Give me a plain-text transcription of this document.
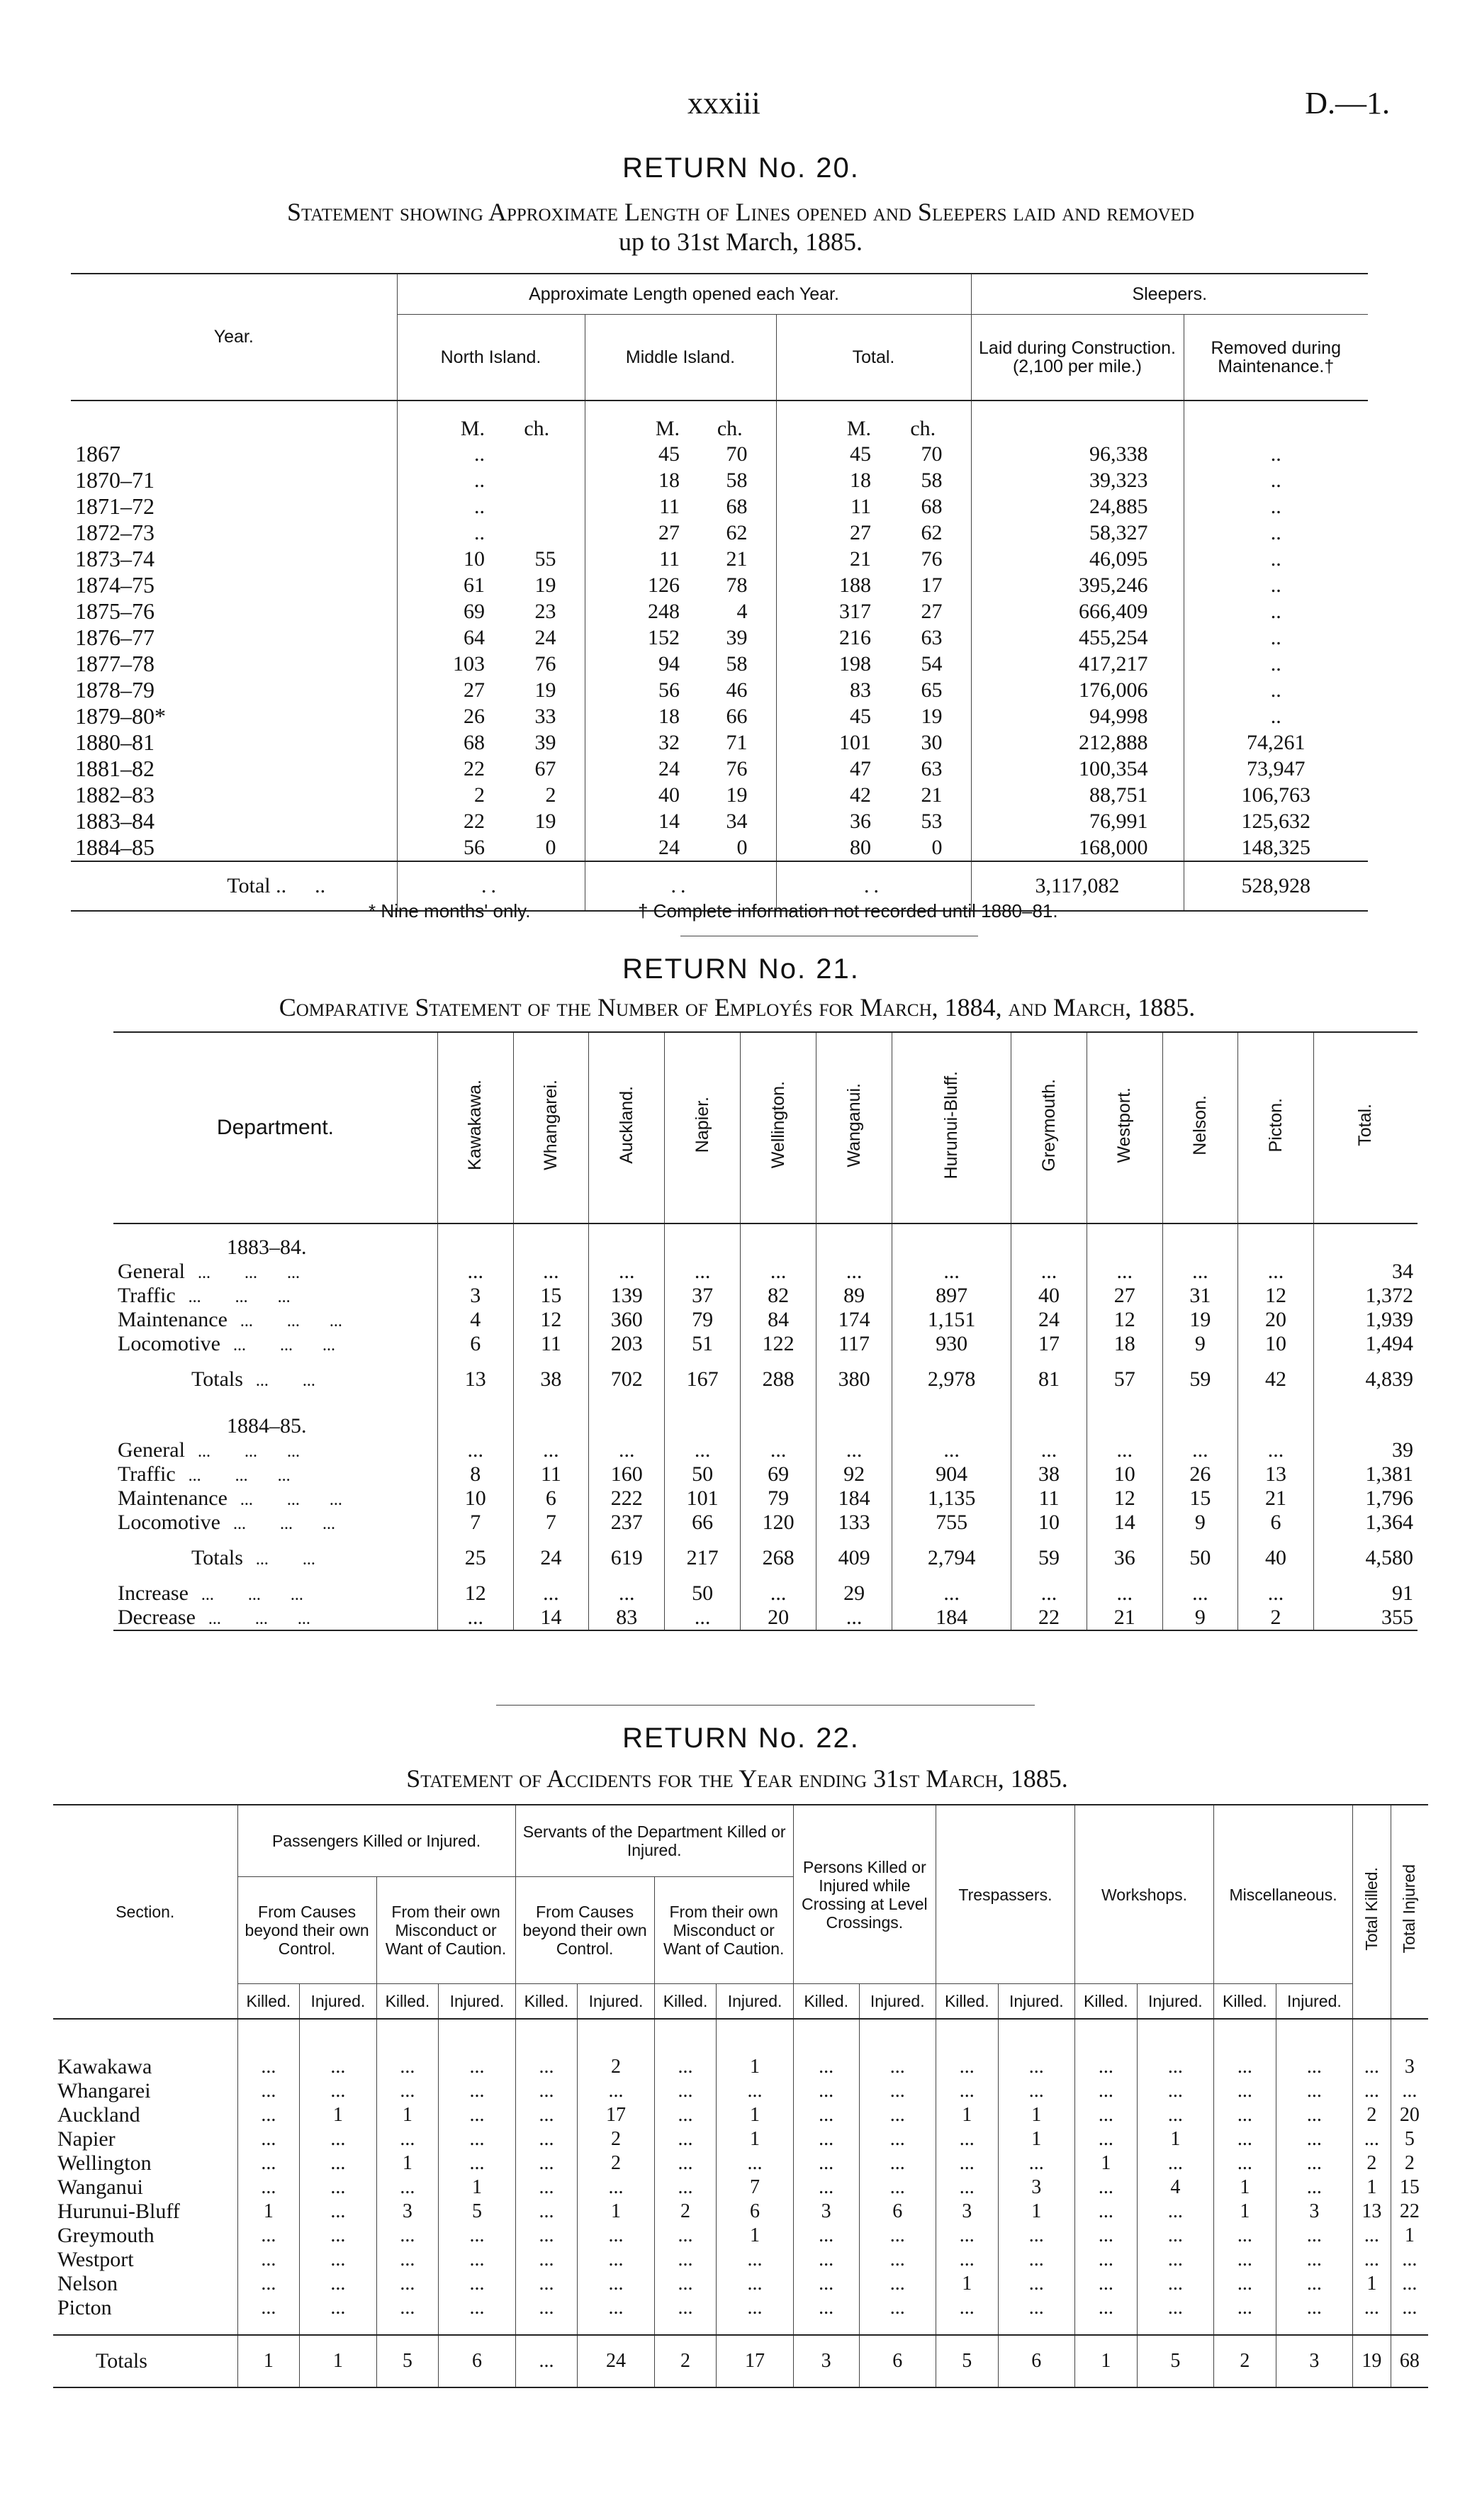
xxxiii	D.—1.
RETURN No. 20.
Statement showing Approximate Length of Lines opened and Sleepers laid and removed
up to 31st March, 1885.
Year.	Approximate Length opened each Year.						Sleepers.	
	North Island.		Middle Island.		Total.		Laid during Construction. (2,100 per mile.)	Removed during Maintenance.†
	M.	ch.	M.	ch.	M.	ch.		
1867	..		45	70	45	70	96,338	..
1870–71	..		18	58	18	58	39,323	..
1871–72	..		11	68	11	68	24,885	..
1872–73	..		27	62	27	62	58,327	..
1873–74	10	55	11	21	21	76	46,095	..
1874–75	61	19	126	78	188	17	395,246	..
1875–76	69	23	248	4	317	27	666,409	..
1876–77	64	24	152	39	216	63	455,254	..
1877–78	103	76	94	58	198	54	417,217	..
1878–79	27	19	56	46	83	65	176,006	..
1879–80*	26	33	18	66	45	19	94,998	..
1880–81	68	39	32	71	101	30	212,888	74,261
1881–82	22	67	24	76	47	63	100,354	73,947
1882–83	2	2	40	19	42	21	88,751	106,763
1883–84	22	19	14	34	36	53	76,991	125,632
1884–85	56	0	24	0	80	0	168,000	148,325
Total .. ..	..		..		..		3,117,082	528,928
* Nine months' only.	† Complete information not recorded until 1880–81.
RETURN No. 21.
Comparative Statement of the Number of Employés for March, 1884, and March, 1885.
Department.	Kawakawa.	Whangarei.	Auckland.	Napier.	Wellington.	Wanganui.	Hurunui-Bluff.	Greymouth.	Westport.	Nelson.	Picton.	Total.
1883–84.												
General   ...        ...       ...	...	...	...	...	...	...	...	...	...	...	...	34
Traffic   ...        ...       ...	3	15	139	37	82	89	897	40	27	31	12	1,372
Maintenance   ...        ...       ...	4	12	360	79	84	174	1,151	24	12	19	20	1,939
Locomotive   ...        ...       ...	6	11	203	51	122	117	930	17	18	9	10	1,494
Totals   ...        ...	13	38	702	167	288	380	2,978	81	57	59	42	4,839
1884–85.												
General   ...        ...       ...	...	...	...	...	...	...	...	...	...	...	...	39
Traffic   ...        ...       ...	8	11	160	50	69	92	904	38	10	26	13	1,381
Maintenance   ...        ...       ...	10	6	222	101	79	184	1,135	11	12	15	21	1,796
Locomotive   ...        ...       ...	7	7	237	66	120	133	755	10	14	9	6	1,364
Totals   ...        ...	25	24	619	217	268	409	2,794	59	36	50	40	4,580
Increase   ...        ...       ...	12	...	...	50	...	29	...	...	...	...	...	91
Decrease   ...        ...       ...	...	14	83	...	20	...	184	22	21	9	2	355
RETURN No. 22.
Statement of Accidents for the Year ending 31st March, 1885.
Section.	Passengers Killed or Injured.				Servants of the Department Killed or Injured.				Persons Killed or Injured while Crossing at Level Crossings.		Trespassers.		Workshops.		Miscellaneous.		Total Killed.	Total Injured
	From Causes beyond their own Control.		From their own Misconduct or Want of Caution.		From Causes beyond their own Control.		From their own Misconduct or Want of Caution.											
	Killed.	Injured.	Killed.	Injured.	Killed.	Injured.	Killed.	Injured.	Killed.	Injured.	Killed.	Injured.	Killed.	Injured.	Killed.	Injured.		

Kawakawa	...	...	...	...	...	2	...	1	...	...	...	...	...	...	...	...	...	3
Whangarei	...	...	...	...	...	...	...	...	...	...	...	...	...	...	...	...	...	...
Auckland	...	1	1	...	...	17	...	1	...	...	1	1	...	...	...	...	2	20
Napier	...	...	...	...	...	2	...	1	...	...	...	1	...	1	...	...	...	5
Wellington	...	...	1	...	...	2	...	...	...	...	...	...	1	...	...	...	2	2
Wanganui	...	...	...	1	...	...	...	7	...	...	...	3	...	4	1	...	1	15
Hurunui-Bluff	1	...	3	5	...	1	2	6	3	6	3	1	...	...	1	3	13	22
Greymouth	...	...	...	...	...	...	...	1	...	...	...	...	...	...	...	...	...	1
Westport	...	...	...	...	...	...	...	...	...	...	...	...	...	...	...	...	...	...
Nelson	...	...	...	...	...	...	...	...	...	...	1	...	...	...	...	...	1	...
Picton	...	...	...	...	...	...	...	...	...	...	...	...	...	...	...	...	...	...

Totals	1	1	5	6	...	24	2	17	3	6	5	6	1	5	2	3	19	68
